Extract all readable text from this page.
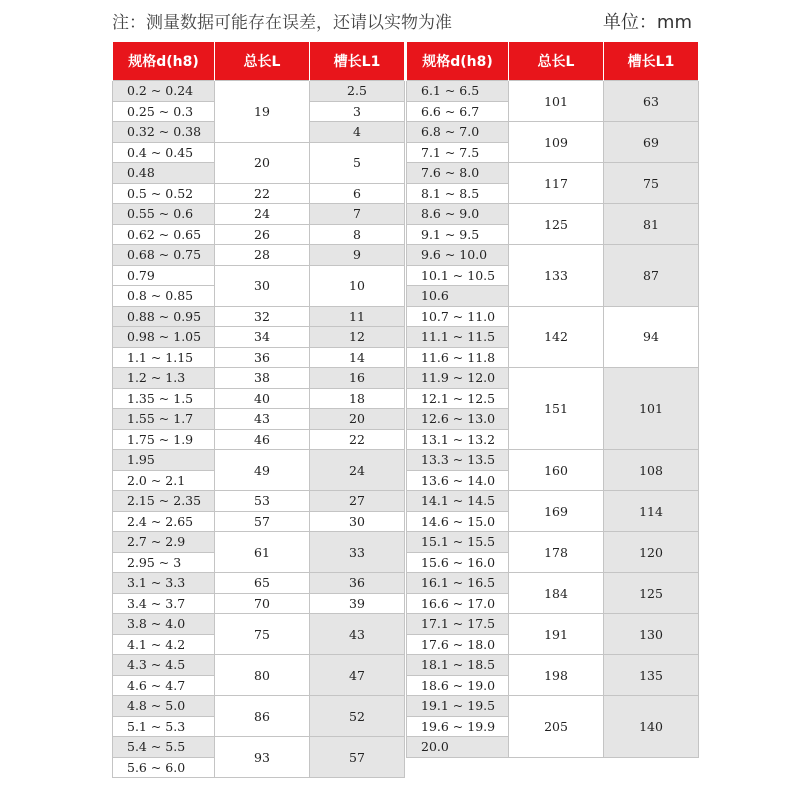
注：测量数据可能存在误差，还请以实物为准	单位：mm
规格d(h8)	总长L	槽长L1
0.2 ~ 0.24	19	2.5
0.25 ~ 0.3		3
0.32 ~ 0.38		4
0.4 ~ 0.45	20	5
0.48		
0.5 ~ 0.52	22	6
0.55 ~ 0.6	24	7
0.62 ~ 0.65	26	8
0.68 ~ 0.75	28	9
0.79	30	10
0.8 ~ 0.85		
0.88 ~ 0.95	32	11
0.98 ~ 1.05	34	12
1.1 ~ 1.15	36	14
1.2 ~ 1.3	38	16
1.35 ~ 1.5	40	18
1.55 ~ 1.7	43	20
1.75 ~ 1.9	46	22
1.95	49	24
2.0 ~ 2.1		
2.15 ~ 2.35	53	27
2.4 ~ 2.65	57	30
2.7 ~ 2.9	61	33
2.95 ~ 3		
3.1 ~ 3.3	65	36
3.4 ~ 3.7	70	39
3.8 ~ 4.0	75	43
4.1 ~ 4.2		
4.3 ~ 4.5	80	47
4.6 ~ 4.7		
4.8 ~ 5.0	86	52
5.1 ~ 5.3		
5.4 ~ 5.5	93	57
5.6 ~ 6.0		
规格d(h8)	总长L	槽长L1
6.1 ~ 6.5	101	63
6.6 ~ 6.7		
6.8 ~ 7.0	109	69
7.1 ~ 7.5		
7.6 ~ 8.0	117	75
8.1 ~ 8.5		
8.6 ~ 9.0	125	81
9.1 ~ 9.5		
9.6 ~ 10.0	133	87
10.1 ~ 10.5		
10.6		
10.7 ~ 11.0	142	94
11.1 ~ 11.5		
11.6 ~ 11.8		
11.9 ~ 12.0	151	101
12.1 ~ 12.5		
12.6 ~ 13.0		
13.1 ~ 13.2		
13.3 ~ 13.5	160	108
13.6 ~ 14.0		
14.1 ~ 14.5	169	114
14.6 ~ 15.0		
15.1 ~ 15.5	178	120
15.6 ~ 16.0		
16.1 ~ 16.5	184	125
16.6 ~ 17.0		
17.1 ~ 17.5	191	130
17.6 ~ 18.0		
18.1 ~ 18.5	198	135
18.6 ~ 19.0		
19.1 ~ 19.5	205	140
19.6 ~ 19.9		
20.0		
